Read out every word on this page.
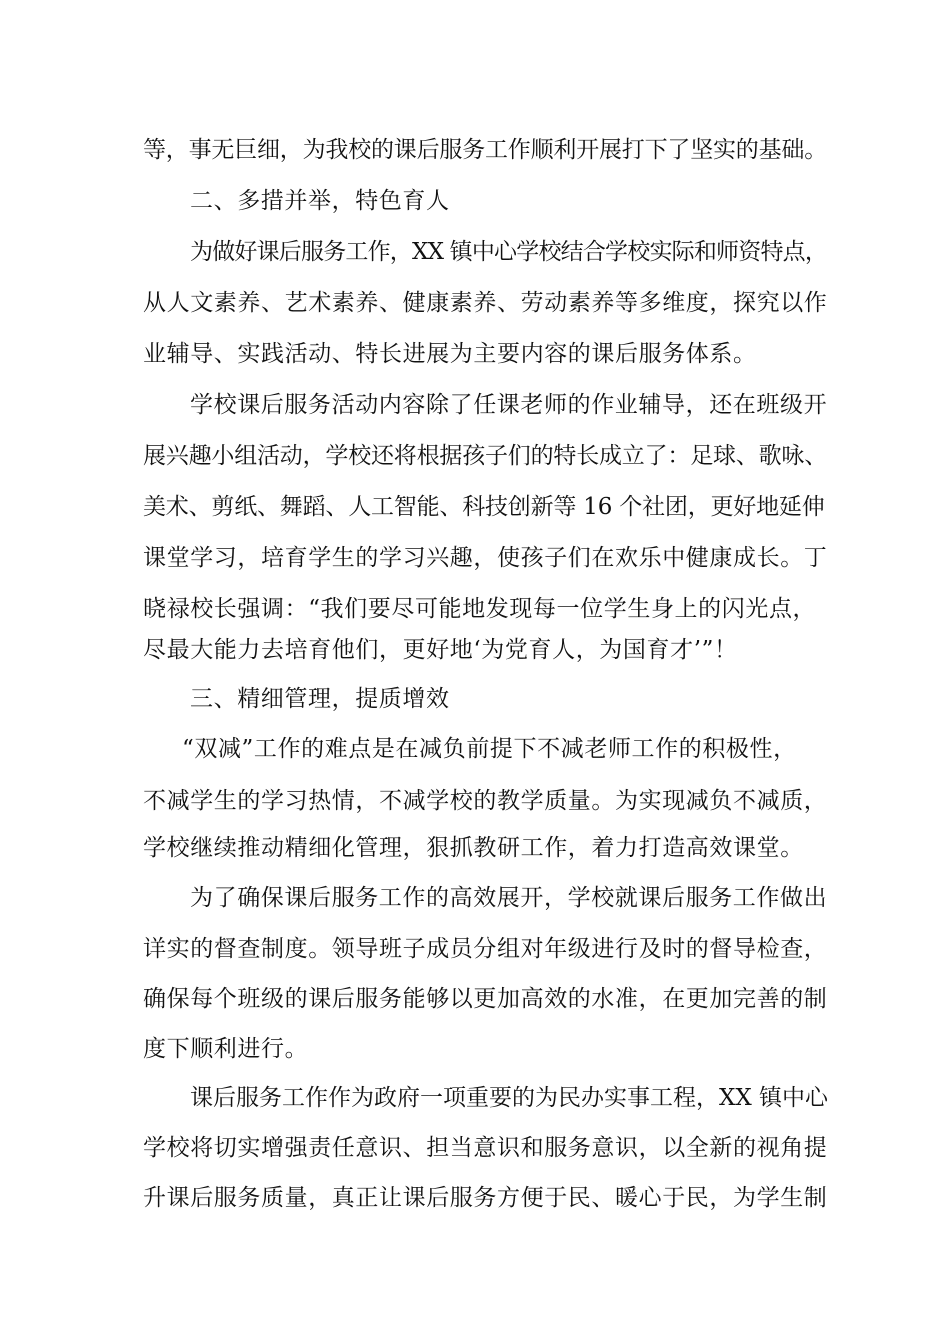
等，事无巨细，为我校的课后服务工作顺利开展打下了坚实的基础。
二、多措并举，特色育人
为做好课后服务工作，XX 镇中心学校结合学校实际和师资特点，
从人文素养、艺术素养、健康素养、劳动素养等多维度，探究以作
业辅导、实践活动、特长进展为主要内容的课后服务体系。
学校课后服务活动内容除了任课老师的作业辅导，还在班级开
展兴趣小组活动，学校还将根据孩子们的特长成立了：足球、歌咏、
美术、剪纸、舞蹈、人工智能、科技创新等 16 个社团，更好地延伸
课堂学习，培育学生的学习兴趣，使孩子们在欢乐中健康成长。丁
晓禄校长强调：“我们要尽可能地发现每一位学生身上的闪光点，
尽最大能力去培育他们，更好地‘为党育人，为国育才’”！
三、精细管理，提质增效
“双减”工作的难点是在减负前提下不减老师工作的积极性，
不减学生的学习热情，不减学校的教学质量。为实现减负不减质，
学校继续推动精细化管理，狠抓教研工作，着力打造高效课堂。
为了确保课后服务工作的高效展开，学校就课后服务工作做出
详实的督查制度。领导班子成员分组对年级进行及时的督导检查，
确保每个班级的课后服务能够以更加高效的水准，在更加完善的制
度下顺利进行。
课后服务工作作为政府一项重要的为民办实事工程，XX 镇中心
学校将切实增强责任意识、担当意识和服务意识，以全新的视角提
升课后服务质量，真正让课后服务方便于民、暖心于民，为学生制
